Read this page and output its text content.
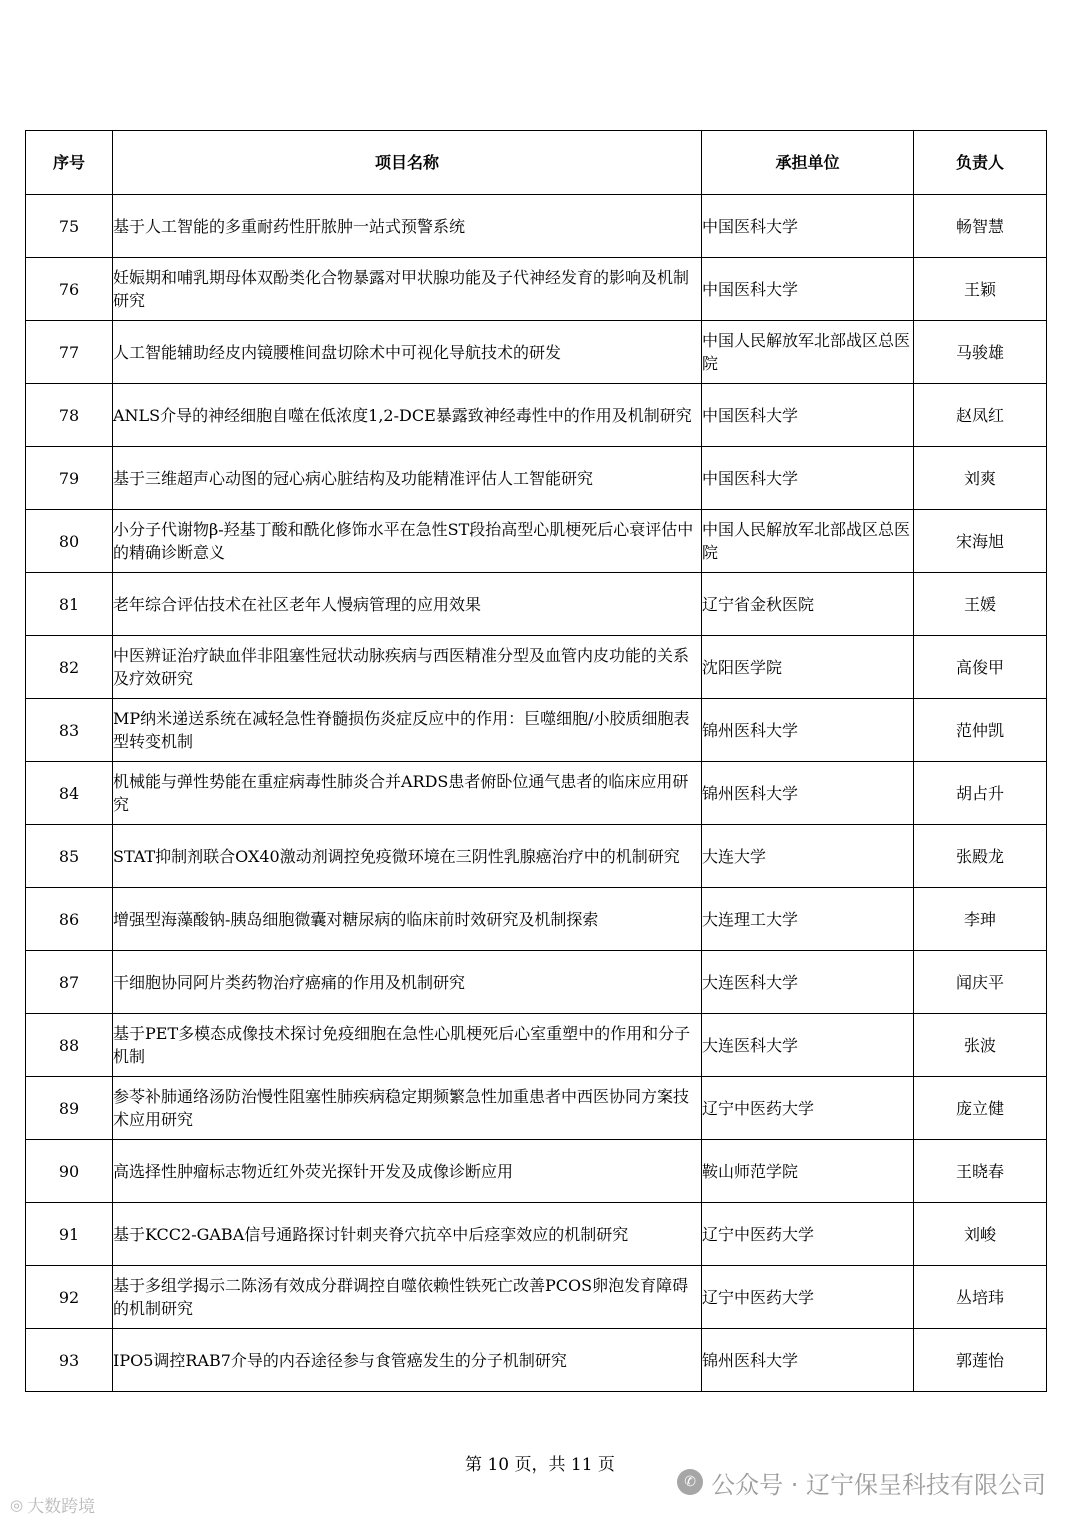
序号	项目名称	承担单位	负责人
75	基于人工智能的多重耐药性肝脓肿一站式预警系统	中国医科大学	畅智慧
76	妊娠期和哺乳期母体双酚类化合物暴露对甲状腺功能及子代神经发育的影响及机制研究	中国医科大学	王颖
77	人工智能辅助经皮内镜腰椎间盘切除术中可视化导航技术的研发	中国人民解放军北部战区总医院	马骏雄
78	ANLS介导的神经细胞自噬在低浓度1,2-DCE暴露致神经毒性中的作用及机制研究	中国医科大学	赵凤红
79	基于三维超声心动图的冠心病心脏结构及功能精准评估人工智能研究	中国医科大学	刘爽
80	小分子代谢物β-羟基丁酸和酰化修饰水平在急性ST段抬高型心肌梗死后心衰评估中的精确诊断意义	中国人民解放军北部战区总医院	宋海旭
81	老年综合评估技术在社区老年人慢病管理的应用效果	辽宁省金秋医院	王媛
82	中医辨证治疗缺血伴非阻塞性冠状动脉疾病与西医精准分型及血管内皮功能的关系及疗效研究	沈阳医学院	高俊甲
83	MP纳米递送系统在减轻急性脊髓损伤炎症反应中的作用：巨噬细胞/小胶质细胞表型转变机制	锦州医科大学	范仲凯
84	机械能与弹性势能在重症病毒性肺炎合并ARDS患者俯卧位通气患者的临床应用研究	锦州医科大学	胡占升
85	STAT抑制剂联合OX40激动剂调控免疫微环境在三阴性乳腺癌治疗中的机制研究	大连大学	张殿龙
86	增强型海藻酸钠-胰岛细胞微囊对糖尿病的临床前时效研究及机制探索	大连理工大学	李珅
87	干细胞协同阿片类药物治疗癌痛的作用及机制研究	大连医科大学	闻庆平
88	基于PET多模态成像技术探讨免疫细胞在急性心肌梗死后心室重塑中的作用和分子机制	大连医科大学	张波
89	参苓补肺通络汤防治慢性阻塞性肺疾病稳定期频繁急性加重患者中西医协同方案技术应用研究	辽宁中医药大学	庞立健
90	高选择性肿瘤标志物近红外荧光探针开发及成像诊断应用	鞍山师范学院	王晓春
91	基于KCC2-GABA信号通路探讨针刺夹脊穴抗卒中后痉挛效应的机制研究	辽宁中医药大学	刘峻
92	基于多组学揭示二陈汤有效成分群调控自噬依赖性铁死亡改善PCOS卵泡发育障碍的机制研究	辽宁中医药大学	丛培玮
93	IPO5调控RAB7介导的内吞途径参与食管癌发生的分子机制研究	锦州医科大学	郭莲怡
第 10 页，共 11 页
✆ 公众号 · 辽宁保呈科技有限公司
◎ 大数跨境
